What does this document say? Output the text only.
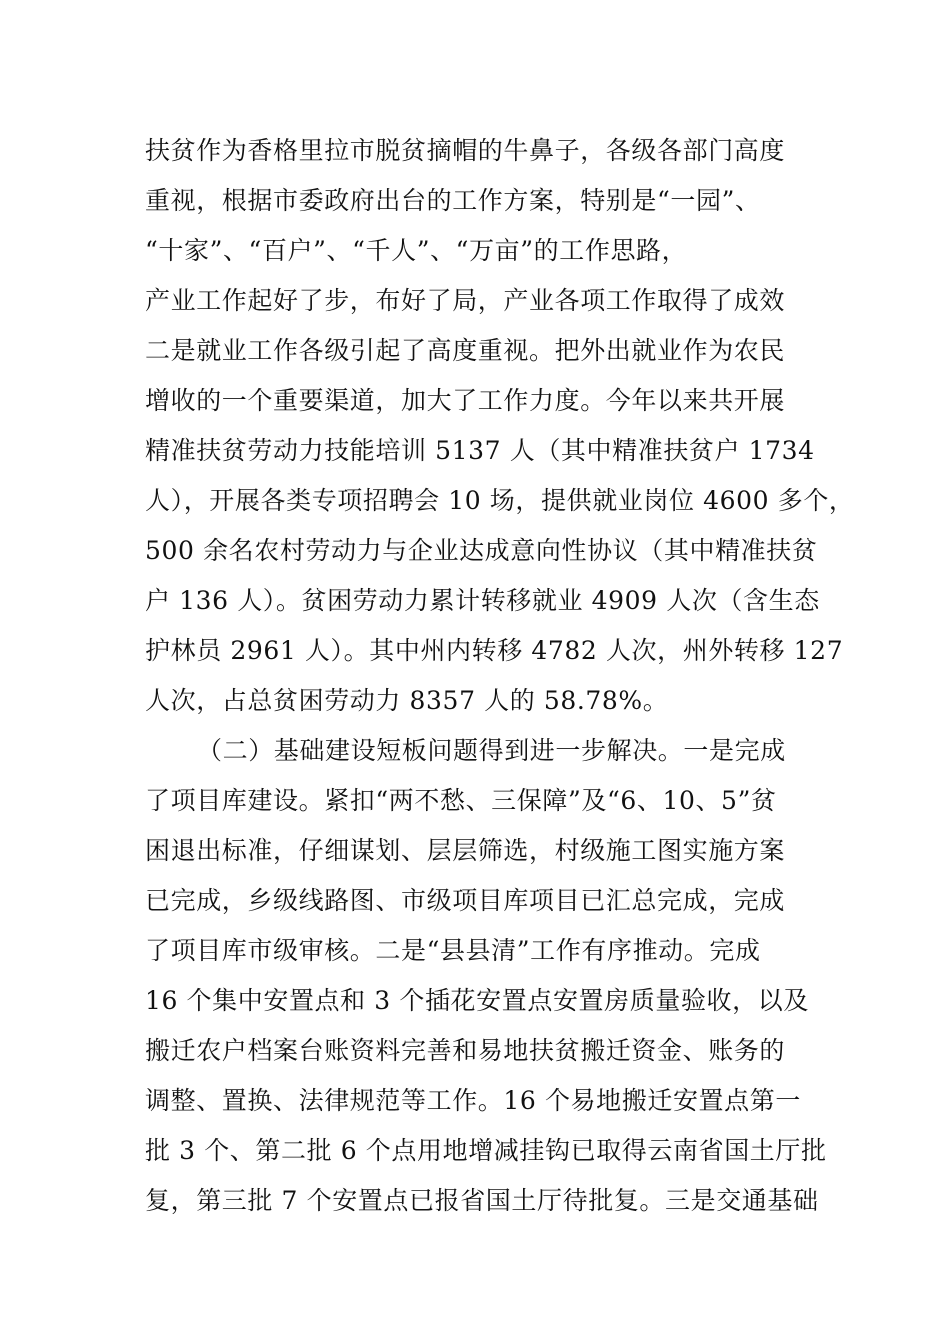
扶贫作为香格里拉市脱贫摘帽的牛鼻子，各级各部门高度
重视，根据市委政府出台的工作方案，特别是“一园”、
“十家”、“百户”、“千人”、“万亩”的工作思路，
产业工作起好了步，布好了局，产业各项工作取得了成效
二是就业工作各级引起了高度重视。把外出就业作为农民
增收的一个重要渠道，加大了工作力度。今年以来共开展
精准扶贫劳动力技能培训 5137 人（其中精准扶贫户 1734
人），开展各类专项招聘会 10 场，提供就业岗位 4600 多个，
500 余名农村劳动力与企业达成意向性协议（其中精准扶贫
户 136 人）。贫困劳动力累计转移就业 4909 人次（含生态
护林员 2961 人）。其中州内转移 4782 人次，州外转移 127
人次，占总贫困劳动力 8357 人的 58.78%。
（二）基础建设短板问题得到进一步解决。一是完成
了项目库建设。紧扣“两不愁、三保障”及“6、10、5”贫
困退出标准，仔细谋划、层层筛选，村级施工图实施方案
已完成，乡级线路图、市级项目库项目已汇总完成，完成
了项目库市级审核。二是“县县清”工作有序推动。完成
16 个集中安置点和 3 个插花安置点安置房质量验收，以及
搬迁农户档案台账资料完善和易地扶贫搬迁资金、账务的
调整、置换、法律规范等工作。16 个易地搬迁安置点第一
批 3 个、第二批 6 个点用地增减挂钩已取得云南省国土厅批
复，第三批 7 个安置点已报省国土厅待批复。三是交通基础
